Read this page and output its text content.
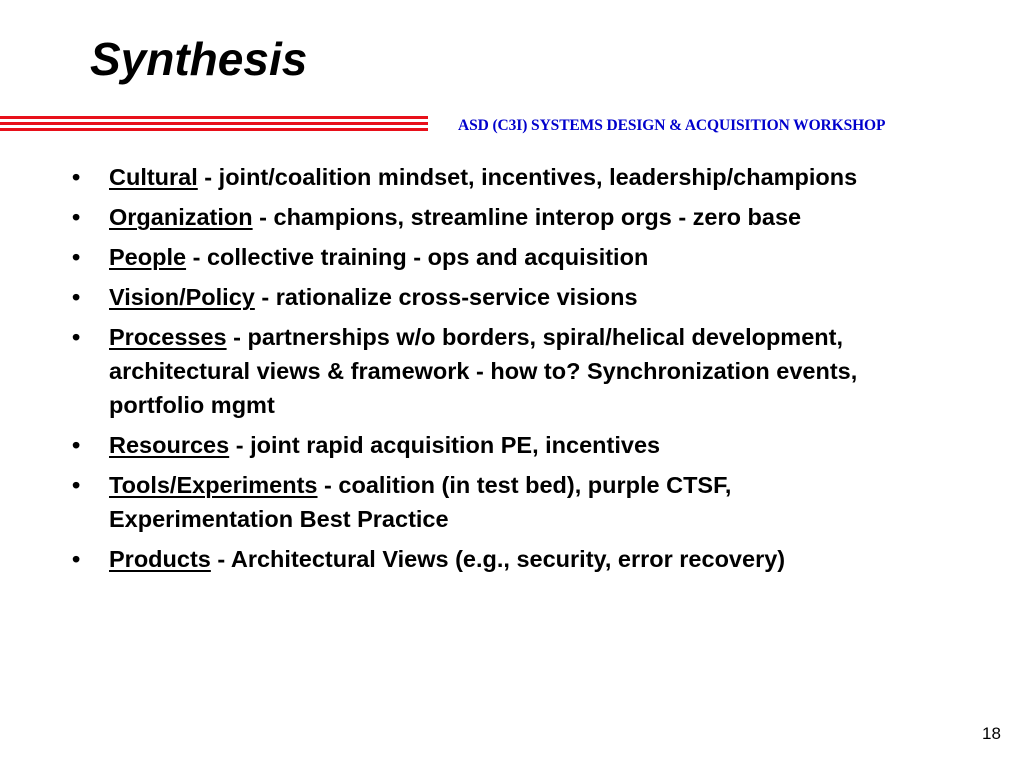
Synthesis
ASD (C3I) SYSTEMS DESIGN & ACQUISITION WORKSHOP
• Cultural - joint/coalition mindset, incentives, leadership/champions
• Organization - champions, streamline interop orgs - zero base
• People - collective training - ops and acquisition
• Vision/Policy - rationalize cross-service visions
• Processes - partnerships w/o borders, spiral/helical development, architectural views & framework - how to? Synchronization events, portfolio mgmt
• Resources - joint rapid acquisition PE, incentives
• Tools/Experiments - coalition (in test bed), purple CTSF, Experimentation Best Practice
• Products - Architectural Views (e.g., security, error recovery)
18
